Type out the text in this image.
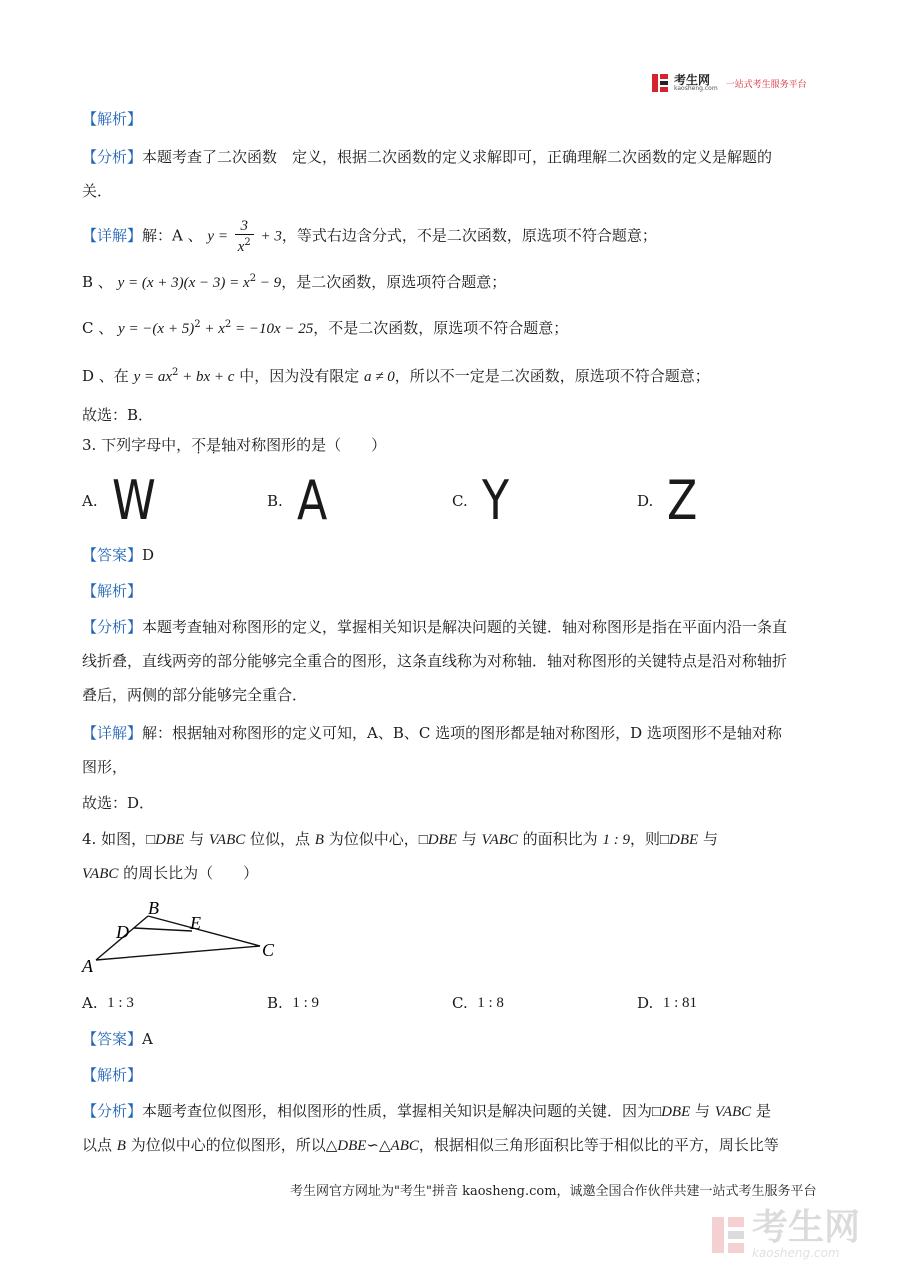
考生网
kaosheng.com 一站式考生服务平台
【解析】
【分析】本题考查了二次函数　定义，根据二次函数的定义求解即可，正确理解二次函数的定义是解题的
关．
【详解】解：A 、 $y = \frac{3}{x^2} + 3$，等式右边含分式，不是二次函数，原选项不符合题意；
B 、 $y = (x + 3)(x - 3) = x^2 - 9$，是二次函数，原选项符合题意；
C 、 $y = -(x + 5)^2 + x^2 = -10x - 25$，不是二次函数，原选项不符合题意；
D 、在 $y = ax^2$ + bx + c 中，因为没有限定 a ≠ 0，所以不一定是二次函数，原选项不符合题意；
故选：B．
3. 下列字母中，不是轴对称图形的是（　　）
A. W	B. A	C. Y	D. Z
【答案】D
【解析】
【分析】本题考查轴对称图形的定义，掌握相关知识是解决问题的关键．轴对称图形是指在平面内沿一条直
线折叠，直线两旁的部分能够完全重合的图形，这条直线称为对称轴．轴对称图形的关键特点是沿对称轴折
叠后，两侧的部分能够完全重合．
【详解】解：根据轴对称图形的定义可知，A、B、C 选项的图形都是轴对称图形，D 选项图形不是轴对称
图形，
故选：D．
4. 如图，□DBE 与 VABC 位似，点 B 为位似中心，□DBE 与 VABC 的面积比为 1 : 9，则□DBE 与
VABC 的周长比为（　　）
A
B
D	E
C
A.
1 : 3	B.
1 : 9	C.
1 : 8	D.
1 : 81
【答案】A
【解析】
【分析】本题考查位似图形，相似图形的性质，掌握相关知识是解决问题的关键．因为□DBE 与 VABC 是
以点 B 为位似中心的位似图形，所以△DBE∽△ABC，根据相似三角形面积比等于相似比的平方，周长比等
考生网官方网址为"考生"拼音 kaosheng.com，诚邀全国合作伙伴共建一站式考生服务平台
考生网
kaosheng.com
